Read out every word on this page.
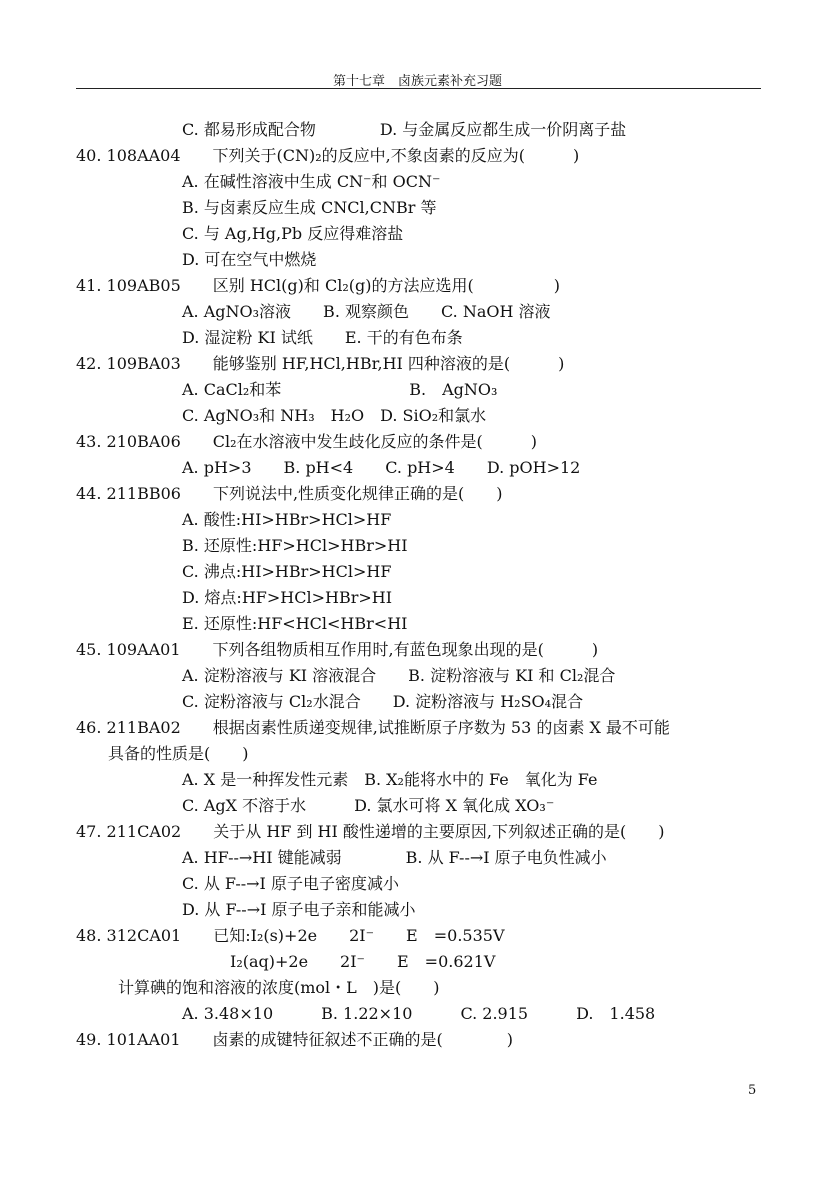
第十七章　卤族元素补充习题
C. 都易形成配合物　　　　D. 与金属反应都生成一价阴离子盐
40. 108AA04　　下列关于(CN)₂的反应中,不象卤素的反应为(　　　)
A. 在碱性溶液中生成 CN⁻和 OCN⁻
B. 与卤素反应生成 CNCl,CNBr 等
C. 与 Ag,Hg,Pb 反应得难溶盐
D. 可在空气中燃烧
41. 109AB05　　区别 HCl(g)和 Cl₂(g)的方法应选用(　　　　　)
A. AgNO₃溶液　　B. 观察颜色　　C. NaOH 溶液
D. 湿淀粉 KI 试纸　　E. 干的有色布条
42. 109BA03　　能够鉴别 HF,HCl,HBr,HI 四种溶液的是(　　　)
A. CaCl₂和苯　　　　　　　　B.　AgNO₃
C. AgNO₃和 NH₃　H₂O　D. SiO₂和氯水
43. 210BA06　　Cl₂在水溶液中发生歧化反应的条件是(　　　)
A. pH>3　　B. pH<4　　C. pH>4　　D. pOH>12
44. 211BB06　　下列说法中,性质变化规律正确的是(　　)
A. 酸性:HI>HBr>HCl>HF
B. 还原性:HF>HCl>HBr>HI
C. 沸点:HI>HBr>HCl>HF
D. 熔点:HF>HCl>HBr>HI
E. 还原性:HF<HCl<HBr<HI
45. 109AA01　　下列各组物质相互作用时,有蓝色现象出现的是(　　　)
A. 淀粉溶液与 KI 溶液混合　　B. 淀粉溶液与 KI 和 Cl₂混合
C. 淀粉溶液与 Cl₂水混合　　D. 淀粉溶液与 H₂SO₄混合
46. 211BA02　　根据卤素性质递变规律,试推断原子序数为 53 的卤素 X 最不可能
具备的性质是(　　)
A. X 是一种挥发性元素　B. X₂能将水中的 Fe　氧化为 Fe
C. AgX 不溶于水　　　D. 氯水可将 X 氧化成 XO₃⁻
47. 211CA02　　关于从 HF 到 HI 酸性递增的主要原因,下列叙述正确的是(　　)
A. HF--→HI 键能减弱　　　　B. 从 F--→I 原子电负性减小
C. 从 F--→I 原子电子密度减小
D. 从 F--→I 原子电子亲和能减小
48. 312CA01　　已知:I₂(s)+2e　　2I⁻　　E　=0.535V
I₂(aq)+2e　　2I⁻　　E　=0.621V
计算碘的饱和溶液的浓度(mol・L　)是(　　)
A. 3.48×10　　　B. 1.22×10　　　C. 2.915　　　D.　1.458
49. 101AA01　　卤素的成键特征叙述不正确的是(　　　　)
5
